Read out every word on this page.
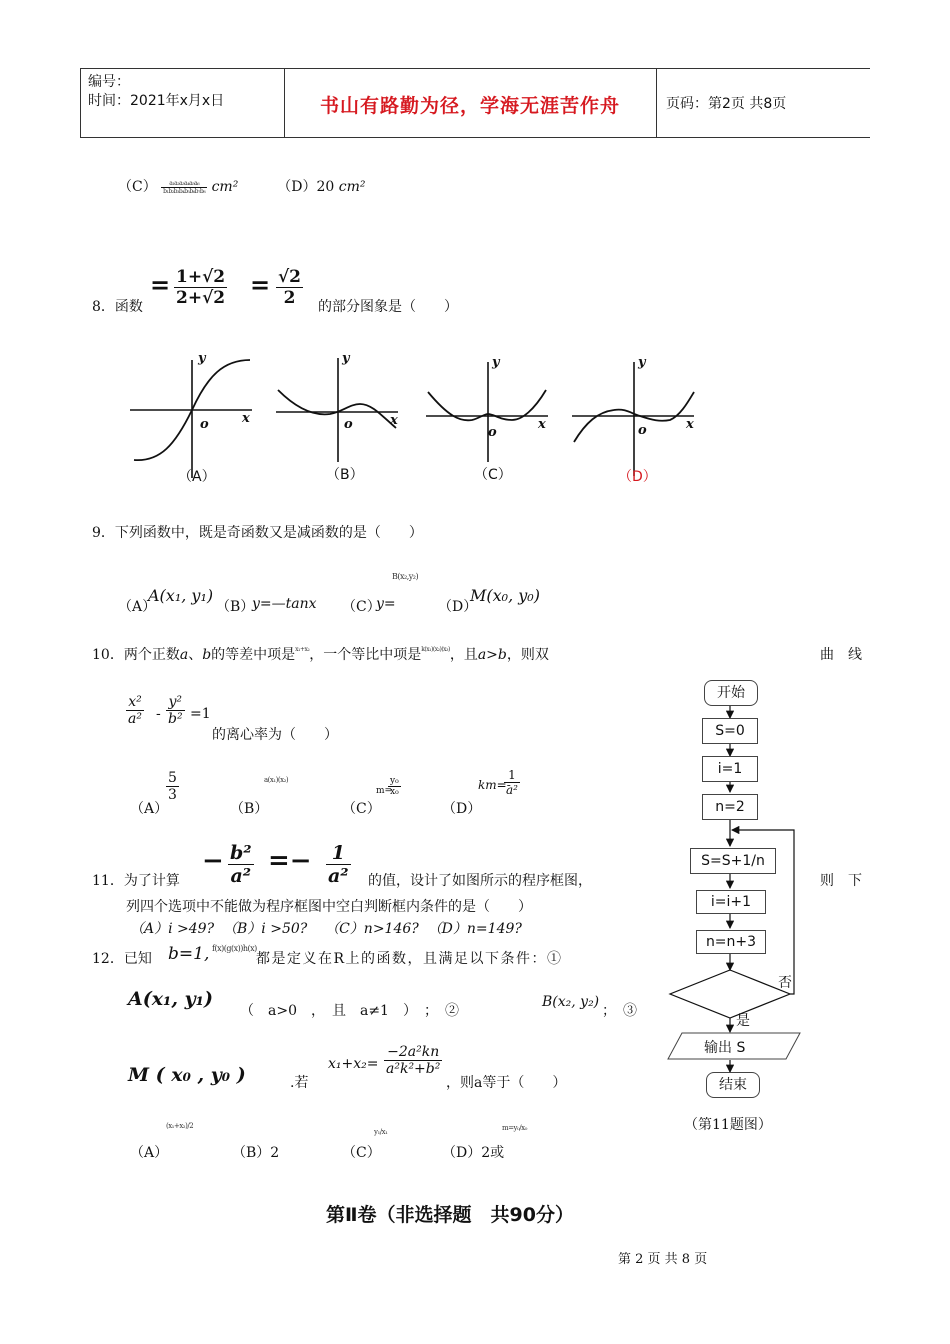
编号：
时间：2021年x月x日	书山有路勤为径，学海无涯苦作舟	页码：第2页 共8页
$(C) \frac{\text{a₁a₂a₃a₄a₅a₆}}{\text{b₁b₂b₃b₄b₅b₆b₇b₈}} cm^2$	（D）20 cm²
8．函数
= $\frac{1+√2}{2+√2} = \frac{√2}{2}$ 的部分图象是（　　）
y
x
o
y
x
o
y
x
o
y
x
o
（A）	（B）	（C）	（D）
9．下列函数中，既是奇函数又是减函数的是（　　）
（A）
A(x₁, y₁)
（B）
y=—tanx （C）
y=
B(x₂,y₂)
（D）
M(x₀, y₀)
10．两个正数a、b的等差中项是$^{x_1+x_2}$，一个等比中项是$^{k(x_1)(x_2)(x_3)}$，且a>b，则双	曲　线
$\frac{\text{x²}}{\text{a²}} - \frac{\text{y²}}{\text{b²}} =1$
的离心率为（　　）
（A）
$\frac{5}{3}$
（B）
a(x₁)(x₂)
（C）
m=
$\frac{\text{y₀}}{\text{x₀}}$
（D）
km=-
$\frac{1}{\text{a²}}$
11．为了计算
− $\frac{\text{b²}}{\text{a²}} =- \frac{1}{\text{a²}}$ 的值，设计了如图所示的程序框图，	则　下
列四个选项中不能做为程序框图中空白判断框内条件的是（　　）
（A）i >49? （B）i >50? （C）n>146? （D）n=149?
12．已知 b=1, f(x)(g(x))h(x)
都是定义在R上的函数，且满足以下条件：①
A(x₁, y₁)
（　a>0　，　且　a≠1　）　；　②
B(x₂, y₂)
；　③
M ( x₀ , y₀ )	.若
$x_1+x_2= \frac{\text{−2a²kn}}{\text{a²k²+b²}}$
，则a等于（　　）
（A）
(x₁+x₂)/2
（B）2	（C）
y₁/x₁
（D）2或
m=y₀/x₀
开始
S=0
i=1
n=2
S=S+1/n
i=i+1
n=n+3
否
是
输出 S
结束
（第11题图）
第Ⅱ卷（非选择题　共90分）
第 2 页 共 8 页
